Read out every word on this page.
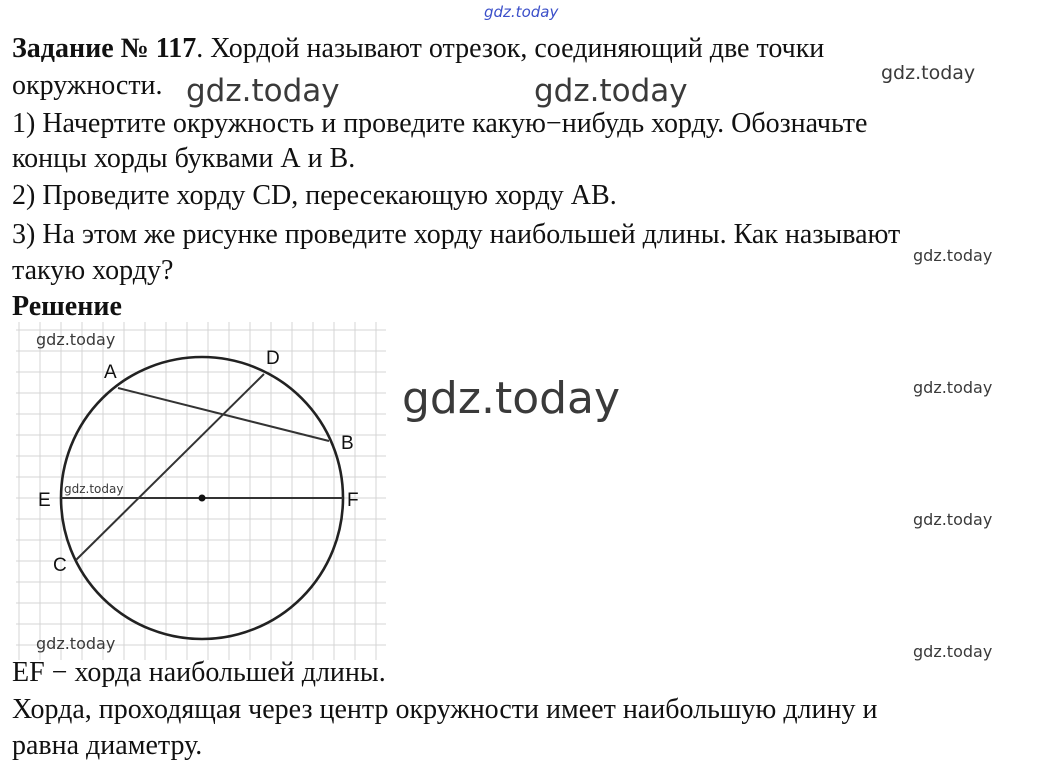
gdz.today
Задание № 117. Хордой называют отрезок, соединяющий две точки
окружности.
1) Начертите окружность и проведите какую−нибудь хорду. Обозначьте
концы хорды буквами А и В.
2) Проведите хорду CD, пересекающую хорду АВ.
3) На этом же рисунке проведите хорду наибольшей длины. Как называют
такую хорду?
Решение
A
B
C
D
E	F
EF − хорда наибольшей длины.
Хорда, проходящая через центр окружности имеет наибольшую длину и
равна диаметру.
gdz.today	gdz.today	gdz.today
gdz.today
gdz.today
gdz.today	gdz.today
gdz.today
gdz.today
gdz.today	gdz.today
